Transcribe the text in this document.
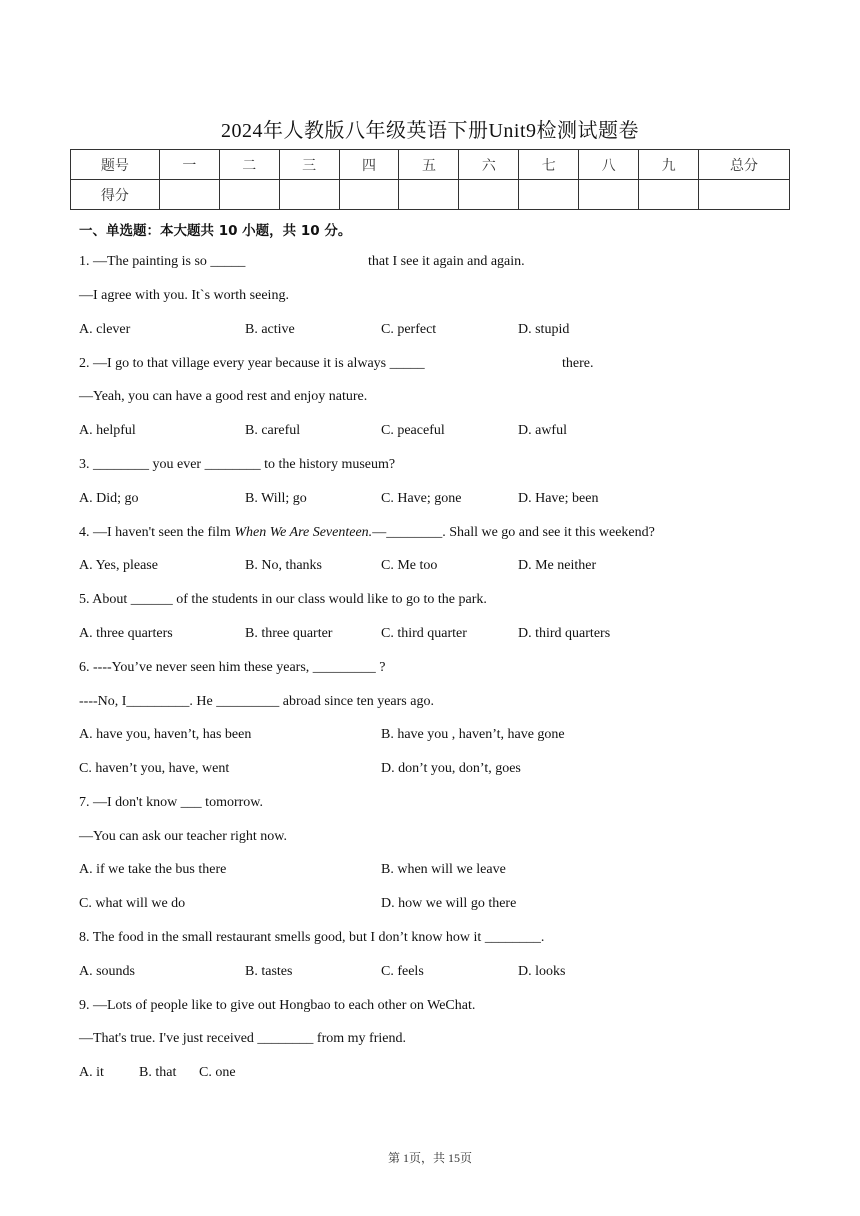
2024年人教版八年级英语下册Unit9检测试题卷
题号	一	二	三	四	五	六	七	八	九	总分
得分										
一、单选题：本大题共 10 小题，共 10 分。
1. —The painting is so _____	that I see it again and again.
—I agree with you. It`s worth seeing.
A. clever	B. active	C. perfect	D. stupid
2. —I go to that village every year because it is always _____	there.
—Yeah, you can have a good rest and enjoy nature.
A. helpful	B. careful	C. peaceful	D. awful
3. ________ you ever ________ to the history museum?
A. Did; go	B. Will; go	C. Have; gone	D. Have; been
4. —I haven't seen the film When We Are Seventeen.—________. Shall we go and see it this weekend?
A. Yes, please	B. No, thanks	C. Me too	D. Me neither
5. About ______ of the students in our class would like to go to the park.
A. three quarters	B. three quarter	C. third quarter	D. third quarters
6. ----You’ve never seen him these years, _________ ?
----No, I_________. He _________ abroad since ten years ago.
A. have you, haven’t, has been	B. have you , haven’t, have gone
C. haven’t you, have, went	D. don’t you, don’t, goes
7. —I don't know ___ tomorrow.
—You can ask our teacher right now.
A. if we take the bus there	B. when will we leave
C. what will we do	D. how we will go there
8. The food in the small restaurant smells good, but I don’t know how it ________.
A. sounds	B. tastes	C. feels	D. looks
9. —Lots of people like to give out Hongbao to each other on WeChat.
—That's true. I've just received ________ from my friend.
A. it	B. that C. one
第 1页，共 15页
